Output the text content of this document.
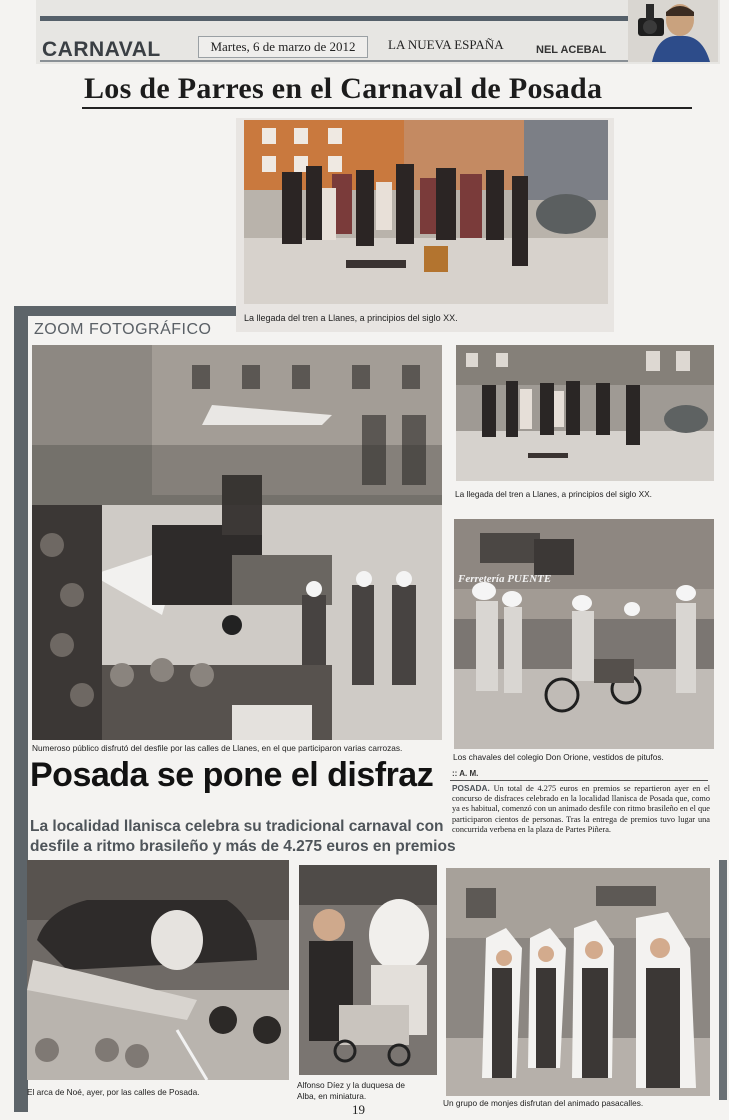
CARNAVAL	Martes, 6 de marzo de 2012	LA NUEVA ESPAÑA	NEL ACEBAL
Los de Parres en el Carnaval de Posada
La llegada del tren a Llanes, a principios del siglo XX.
ZOOM FOTOGRÁFICO
Numeroso público disfrutó del desfile por las calles de Llanes, en el que participaron varias carrozas.
La llegada del tren a Llanes, a principios del siglo XX.
Ferretería PUENTE
Los chavales del colegio Don Orione, vestidos de pitufos.
Posada se pone el disfraz
La localidad llanisca celebra su tradicional carnaval con desfile a ritmo brasileño y más de 4.275 euros en premios
:: A. M.
POSADA. Un total de 4.275 euros en premios se repartieron ayer en el concurso de disfraces celebrado en la localidad llanisca de Posada que, como ya es habitual, comenzó con un animado desfile con ritmo brasileño en el que participaron cientos de personas. Tras la entrega de premios tuvo lugar una concurrida verbena en la plaza de Partes Piñera.
El arca de Noé, ayer, por las calles de Posada.
Alfonso Díez y la duquesa de
Alba, en miniatura.
Un grupo de monjes disfrutan del animado pasacalles.
19
